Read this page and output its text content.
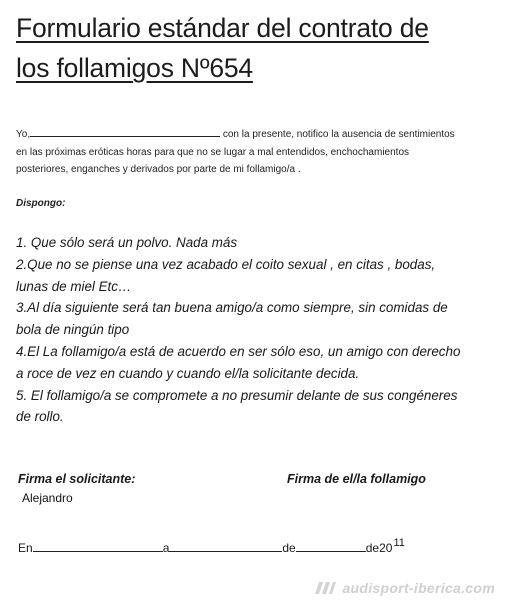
Formulario estándar del contrato de
los follamigos Nº654
Yo,	con la presente, notifico la ausencia de sentimientos
en las próximas eróticas horas para que no se lugar a mal entendidos, enchochamientos
posteriores, enganches y derivados por parte de mi follamigo/a .
Dispongo:

1. Que sólo será un polvo. Nada más

2.Que no se piense una vez acabado el coito sexual , en citas , bodas,
lunas de miel Etc…

3.Al día siguiente será tan buena amigo/a como siempre, sin comidas de
bola de ningún tipo

4.El La follamigo/a está de acuerdo en ser sólo eso, un amigo con derecho
a roce de vez en cuando y cuando el/la solicitante decida.

5. El follamigo/a se compromete a no presumir delante de sus congéneres
de rollo.

Firma el solicitante:	Firma de el/la follamigo
Alejandro
En	a	de	de2011
audisport-iberica.com
